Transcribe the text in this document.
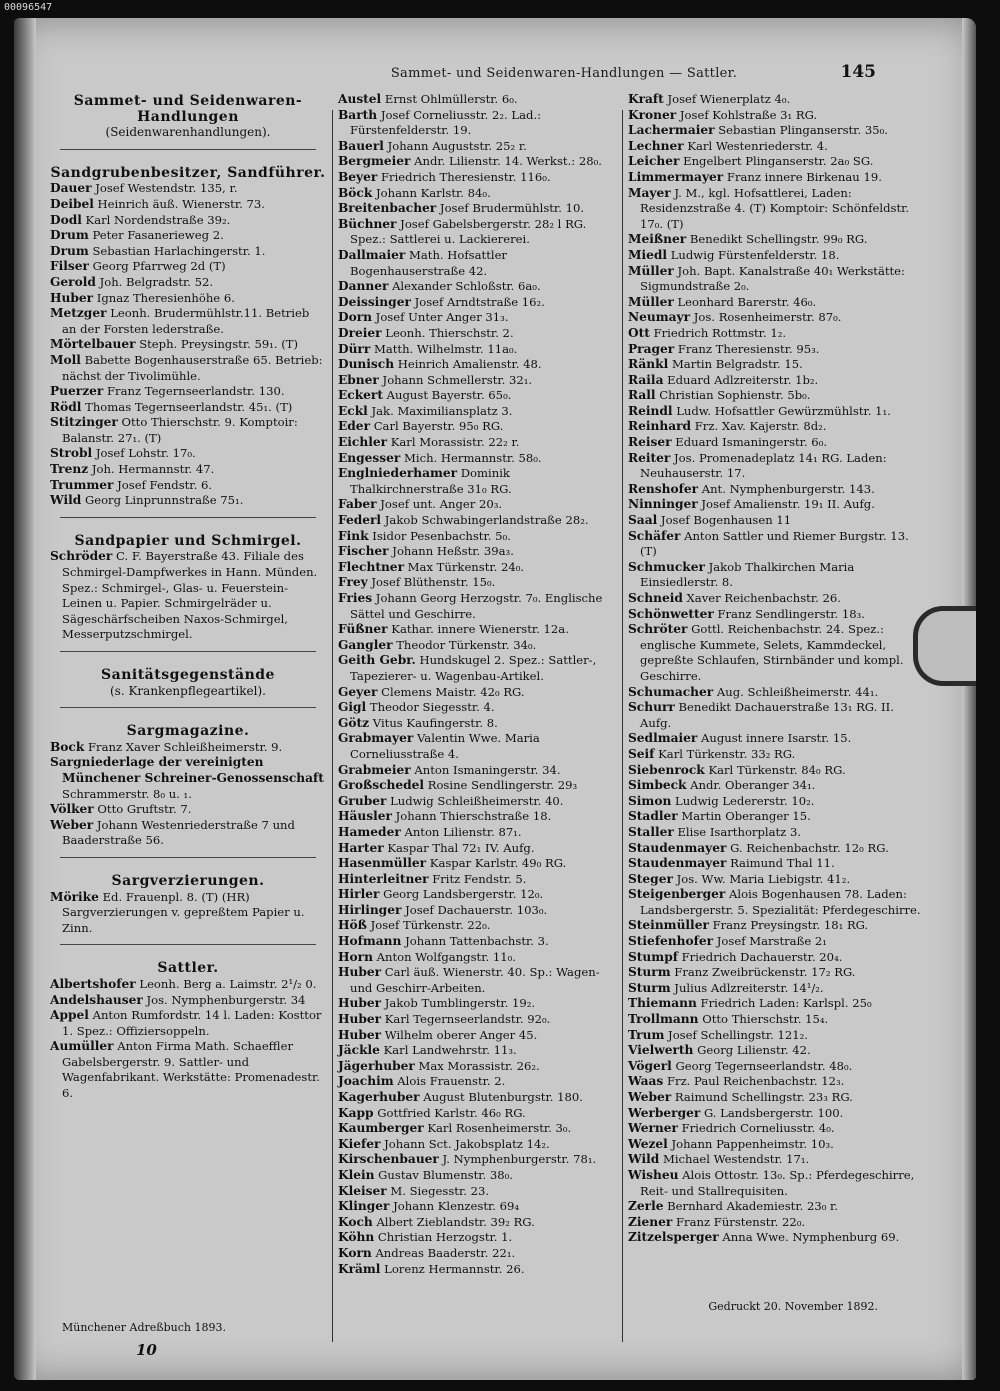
Sammet- und Seidenwaren-Handlungen — Sattler.	145
Sammet- und Seidenwaren-Handlungen
(Seidenwarenhandlungen).
Sandgrubenbesitzer, Sandführer.
Dauer Josef Westendstr. 135, r.
Deibel Heinrich äuß. Wienerstr. 73.
Dodl Karl Nordendstraße 39₂.
Drum Peter Fasanerieweg 2.
Drum Sebastian Harlachingerstr. 1.
Filser Georg Pfarrweg 2d (T)
Gerold Joh. Belgradstr. 52.
Huber Ignaz Theresienhöhe 6.
Metzger Leonh. Brudermühlstr.11. Betrieb an der Forsten lederstraße.
Mörtelbauer Steph. Preysingstr. 59₁. (T)
Moll Babette Bogenhauserstraße 65. Betrieb: nächst der Tivolimühle.
Puerzer Franz Tegernseerlandstr. 130.
Rödl Thomas Tegernseerlandstr. 45₁. (T)
Stitzinger Otto Thierschstr. 9. Komptoir: Balanstr. 27₁. (T)
Strobl Josef Lohstr. 17₀.
Trenz Joh. Hermannstr. 47.
Trummer Josef Fendstr. 6.
Wild Georg Linprunnstraße 75₁.
Sandpapier und Schmirgel.
Schröder C. F. Bayerstraße 43. Filiale des Schmirgel-Dampfwerkes in Hann. Münden. Spez.: Schmirgel-, Glas- u. Feuerstein-Leinen u. Papier. Schmirgelräder u. Sägeschärfscheiben Naxos-Schmirgel, Messerputzschmirgel.
Sanitätsgegenstände
(s. Krankenpflegeartikel).
Sargmagazine.
Bock Franz Xaver Schleißheimerstr. 9.
Sargniederlage der vereinigten Münchener Schreiner-Genossenschaft Schrammerstr. 8₀ u. ₁.
Völker Otto Gruftstr. 7.
Weber Johann Westenriederstraße 7 und Baaderstraße 56.
Sargverzierungen.
Mörike Ed. Frauenpl. 8. (T) (HR) Sargverzierungen v. gepreßtem Papier u. Zinn.
Sattler.
Albertshofer Leonh. Berg a. Laimstr. 2¹/₂ 0.
Andelshauser Jos. Nymphenburgerstr. 34
Appel Anton Rumfordstr. 14 l. Laden: Kosttor 1. Spez.: Offiziersoppeln.
Aumüller Anton Firma Math. Schaeffler Gabelsbergerstr. 9. Sattler- und Wagenfabrikant. Werkstätte: Promenadestr. 6.
Austel Ernst Ohlmüllerstr. 6₀.
Barth Josef Corneliusstr. 2₂. Lad.: Fürstenfelderstr. 19.
Bauerl Johann Auguststr. 25₂ r.
Bergmeier Andr. Lilienstr. 14. Werkst.: 28₀.
Beyer Friedrich Theresienstr. 116₀.
Böck Johann Karlstr. 84₀.
Breitenbacher Josef Brudermühlstr. 10.
Büchner Josef Gabelsbergerstr. 28₂ l RG. Spez.: Sattlerei u. Lackiererei.
Dallmaier Math. Hofsattler Bogenhauserstraße 42.
Danner Alexander Schloßstr. 6a₀.
Deissinger Josef Arndtstraße 16₂.
Dorn Josef Unter Anger 31₃.
Dreier Leonh. Thierschstr. 2.
Dürr Matth. Wilhelmstr. 11a₀.
Dunisch Heinrich Amalienstr. 48.
Ebner Johann Schmellerstr. 32₁.
Eckert August Bayerstr. 65₀.
Eckl Jak. Maximiliansplatz 3.
Eder Carl Bayerstr. 95₀ RG.
Eichler Karl Morassistr. 22₂ r.
Engesser Mich. Hermannstr. 58₀.
Englniederhamer Dominik Thalkirchnerstraße 31₀ RG.
Faber Josef unt. Anger 20₃.
Federl Jakob Schwabingerlandstraße 28₂.
Fink Isidor Pesenbachstr. 5₀.
Fischer Johann Heßstr. 39a₃.
Flechtner Max Türkenstr. 24₀.
Frey Josef Blüthenstr. 15₀.
Fries Johann Georg Herzogstr. 7₀. Englische Sättel und Geschirre.
Füßner Kathar. innere Wienerstr. 12a.
Gangler Theodor Türkenstr. 34₀.
Geith Gebr. Hundskugel 2. Spez.: Sattler-, Tapezierer- u. Wagenbau-Artikel.
Geyer Clemens Maistr. 42₀ RG.
Gigl Theodor Siegesstr. 4.
Götz Vitus Kaufingerstr. 8.
Grabmayer Valentin Wwe. Maria Corneliusstraße 4.
Grabmeier Anton Ismaningerstr. 34.
Großschedel Rosine Sendlingerstr. 29₃
Gruber Ludwig Schleißheimerstr. 40.
Häusler Johann Thierschstraße 18.
Hameder Anton Lilienstr. 87₁.
Harter Kaspar Thal 72₁ IV. Aufg.
Hasenmüller Kaspar Karlstr. 49₀ RG.
Hinterleitner Fritz Fendstr. 5.
Hirler Georg Landsbergerstr. 12₀.
Hirlinger Josef Dachauerstr. 103₀.
Höß Josef Türkenstr. 22₀.
Hofmann Johann Tattenbachstr. 3.
Horn Anton Wolfgangstr. 11₀.
Huber Carl äuß. Wienerstr. 40. Sp.: Wagen- und Geschirr-Arbeiten.
Huber Jakob Tumblingerstr. 19₂.
Huber Karl Tegernseerlandstr. 92₀.
Huber Wilhelm oberer Anger 45.
Jäckle Karl Landwehrstr. 11₃.
Jägerhuber Max Morassistr. 26₂.
Joachim Alois Frauenstr. 2.
Kagerhuber August Blutenburgstr. 180.
Kapp Gottfried Karlstr. 46₀ RG.
Kaumberger Karl Rosenheimerstr. 3₀.
Kiefer Johann Sct. Jakobsplatz 14₂.
Kirschenbauer J. Nymphenburgerstr. 78₁.
Klein Gustav Blumenstr. 38₀.
Kleiser M. Siegesstr. 23.
Klinger Johann Klenzestr. 69₄
Koch Albert Zieblandstr. 39₂ RG.
Köhn Christian Herzogstr. 1.
Korn Andreas Baaderstr. 22₁.
Kräml Lorenz Hermannstr. 26.
Kraft Josef Wienerplatz 4₀.
Kroner Josef Kohlstraße 3₁ RG.
Lachermaier Sebastian Plinganserstr. 35₀.
Lechner Karl Westenriederstr. 4.
Leicher Engelbert Plinganserstr. 2a₀ SG.
Limmermayer Franz innere Birkenau 19.
Mayer J. M., kgl. Hofsattlerei, Laden: Residenzstraße 4. (T) Komptoir: Schönfeldstr. 17₀. (T)
Meißner Benedikt Schellingstr. 99₀ RG.
Miedl Ludwig Fürstenfelderstr. 18.
Müller Joh. Bapt. Kanalstraße 40₁ Werkstätte: Sigmundstraße 2₀.
Müller Leonhard Barerstr. 46₀.
Neumayr Jos. Rosenheimerstr. 87₀.
Ott Friedrich Rottmstr. 1₂.
Prager Franz Theresienstr. 95₃.
Ränkl Martin Belgradstr. 15.
Raila Eduard Adlzreiterstr. 1b₂.
Rall Christian Sophienstr. 5b₀.
Reindl Ludw. Hofsattler Gewürzmühlstr. 1₁.
Reinhard Frz. Xav. Kajerstr. 8d₂.
Reiser Eduard Ismaningerstr. 6₀.
Reiter Jos. Promenadeplatz 14₁ RG. Laden: Neuhauserstr. 17.
Renshofer Ant. Nymphenburgerstr. 143.
Ninninger Josef Amalienstr. 19₁ II. Aufg.
Saal Josef Bogenhausen 11
Schäfer Anton Sattler und Riemer Burgstr. 13. (T)
Schmucker Jakob Thalkirchen Maria Einsiedlerstr. 8.
Schneid Xaver Reichenbachstr. 26.
Schönwetter Franz Sendlingerstr. 18₃.
Schröter Gottl. Reichenbachstr. 24. Spez.: englische Kummete, Selets, Kammdeckel, gepreßte Schlaufen, Stirnbänder und kompl. Geschirre.
Schumacher Aug. Schleißheimerstr. 44₁.
Schurr Benedikt Dachauerstraße 13₁ RG. II. Aufg.
Sedlmaier August innere Isarstr. 15.
Seif Karl Türkenstr. 33₂ RG.
Siebenrock Karl Türkenstr. 84₀ RG.
Simbeck Andr. Oberanger 34₁.
Simon Ludwig Ledererstr. 10₂.
Stadler Martin Oberanger 15.
Staller Elise Isarthorplatz 3.
Staudenmayer G. Reichenbachstr. 12₀ RG.
Staudenmayer Raimund Thal 11.
Steger Jos. Ww. Maria Liebigstr. 41₂.
Steigenberger Alois Bogenhausen 78. Laden: Landsbergerstr. 5. Spezialität: Pferdegeschirre.
Steinmüller Franz Preysingstr. 18₁ RG.
Stiefenhofer Josef Marstraße 2₁
Stumpf Friedrich Dachauerstr. 20₄.
Sturm Franz Zweibrückenstr. 17₂ RG.
Sturm Julius Adlzreiterstr. 14¹/₂.
Thiemann Friedrich Laden: Karlspl. 25₀
Trollmann Otto Thierschstr. 15₄.
Trum Josef Schellingstr. 121₂.
Vielwerth Georg Lilienstr. 42.
Vögerl Georg Tegernseerlandstr. 48₀.
Waas Frz. Paul Reichenbachstr. 12₃.
Weber Raimund Schellingstr. 23₃ RG.
Werberger G. Landsbergerstr. 100.
Werner Friedrich Corneliusstr. 4₀.
Wezel Johann Pappenheimstr. 10₃.
Wild Michael Westendstr. 17₁.
Wisheu Alois Ottostr. 13₀. Sp.: Pferdegeschirre, Reit- und Stallrequisiten.
Zerle Bernhard Akademiestr. 23₀ r.
Ziener Franz Fürstenstr. 22₀.
Zitzelsperger Anna Wwe. Nymphenburg 69.
Münchener Adreßbuch 1893.
10
Gedruckt 20. November 1892.
00096547
